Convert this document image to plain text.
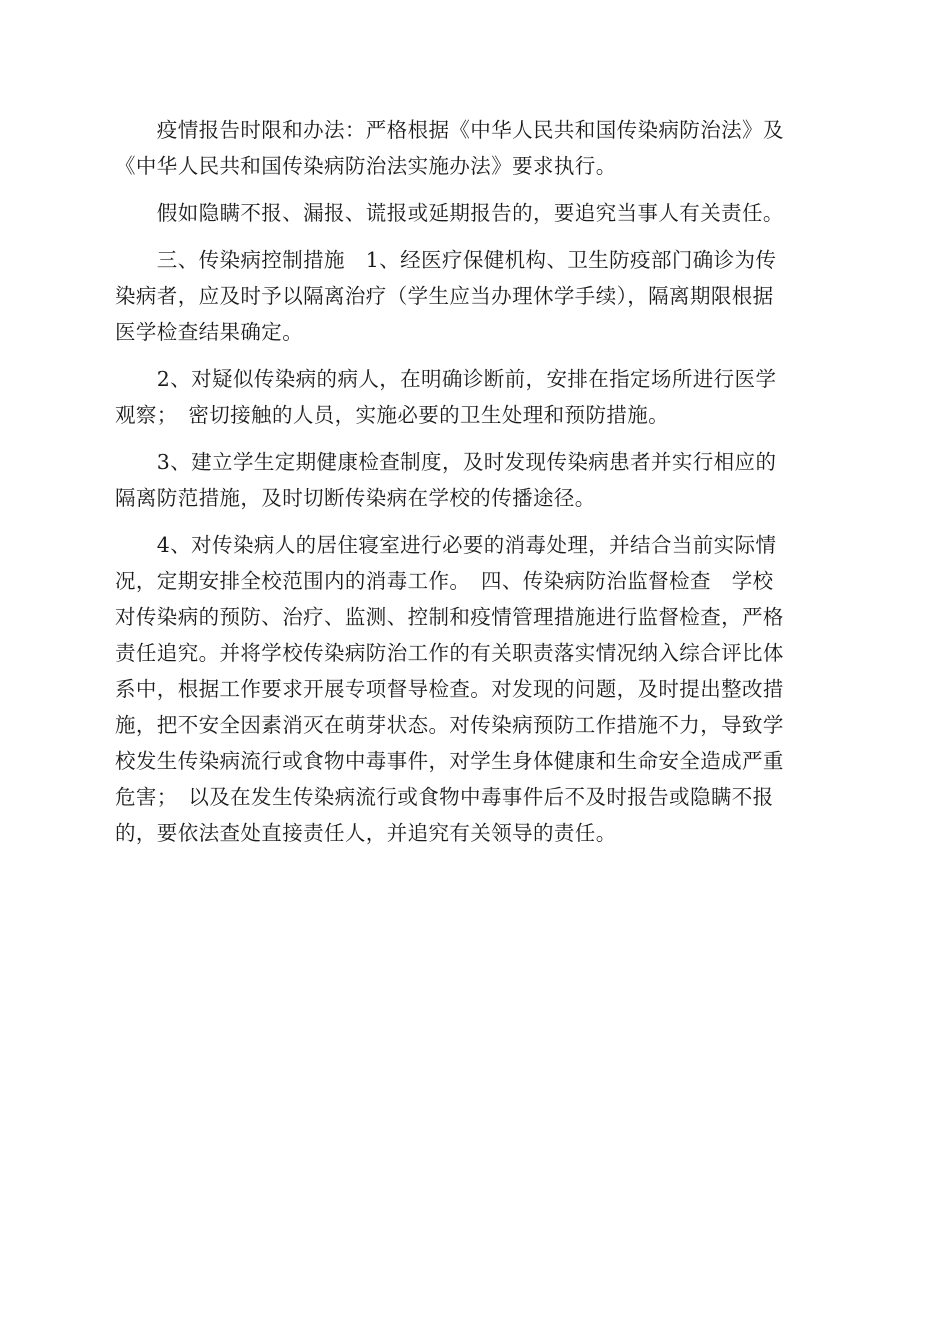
　　疫情报告时限和办法：严格根据《中华人民共和国传染病防治法》及
《中华人民共和国传染病防治法实施办法》要求执行。
　　假如隐瞒不报、漏报、谎报或延期报告的，要追究当事人有关责任。
　　三、传染病控制措施　1、经医疗保健机构、卫生防疫部门确诊为传
染病者，应及时予以隔离治疗（学生应当办理休学手续），隔离期限根据
医学检查结果确定。
　　2、对疑似传染病的病人，在明确诊断前，安排在指定场所进行医学
观察；　密切接触的人员，实施必要的卫生处理和预防措施。
　　3、建立学生定期健康检查制度，及时发现传染病患者并实行相应的
隔离防范措施，及时切断传染病在学校的传播途径。
　　4、对传染病人的居住寝室进行必要的消毒处理，并结合当前实际情
况，定期安排全校范围内的消毒工作。　四、传染病防治监督检查　学校
对传染病的预防、治疗、监测、控制和疫情管理措施进行监督检查，严格
责任追究。并将学校传染病防治工作的有关职责落实情况纳入综合评比体
系中，根据工作要求开展专项督导检查。对发现的问题，及时提出整改措
施，把不安全因素消灭在萌芽状态。对传染病预防工作措施不力，导致学
校发生传染病流行或食物中毒事件，对学生身体健康和生命安全造成严重
危害；　以及在发生传染病流行或食物中毒事件后不及时报告或隐瞒不报
的，要依法查处直接责任人，并追究有关领导的责任。
